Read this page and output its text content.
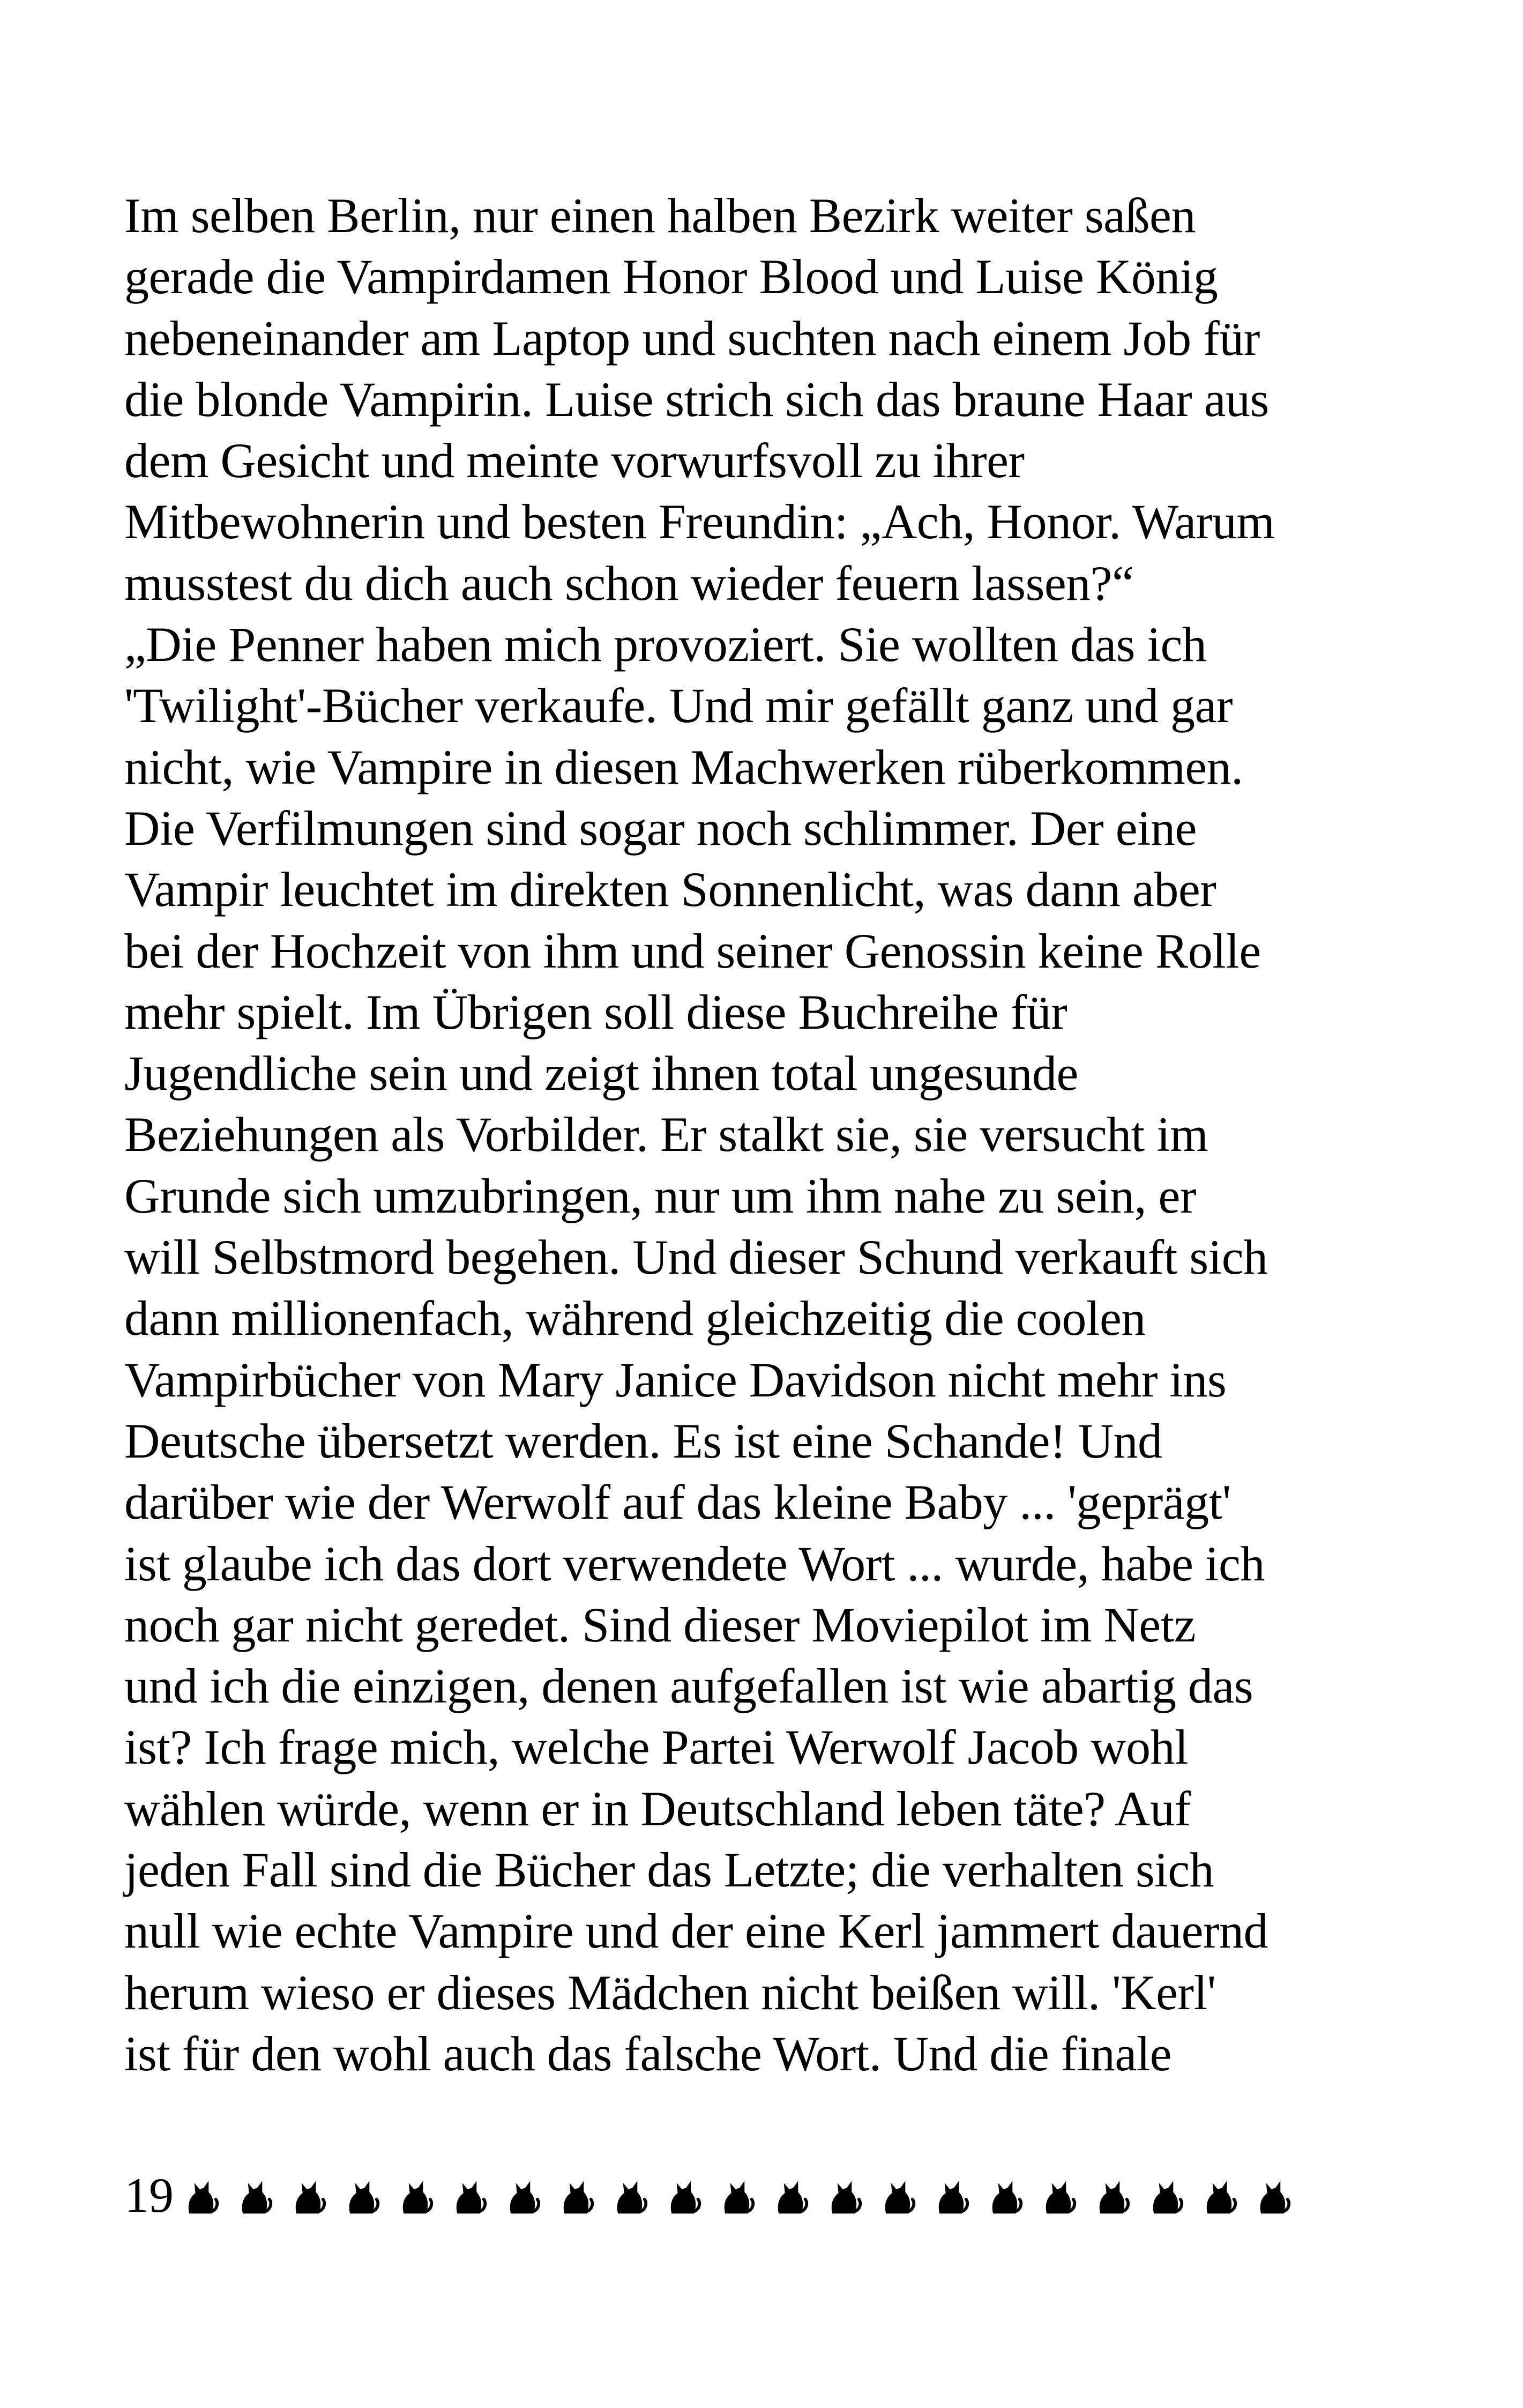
Im selben Berlin, nur einen halben Bezirk weiter saßen
gerade die Vampirdamen Honor Blood und Luise König
nebeneinander am Laptop und suchten nach einem Job für
die blonde Vampirin. Luise strich sich das braune Haar aus
dem Gesicht und meinte vorwurfsvoll zu ihrer
Mitbewohnerin und besten Freundin: „Ach, Honor. Warum
musstest du dich auch schon wieder feuern lassen?“
„Die Penner haben mich provoziert. Sie wollten das ich
'Twilight'-Bücher verkaufe. Und mir gefällt ganz und gar
nicht, wie Vampire in diesen Machwerken rüberkommen.
Die Verfilmungen sind sogar noch schlimmer. Der eine
Vampir leuchtet im direkten Sonnenlicht, was dann aber
bei der Hochzeit von ihm und seiner Genossin keine Rolle
mehr spielt. Im Übrigen soll diese Buchreihe für
Jugendliche sein und zeigt ihnen total ungesunde
Beziehungen als Vorbilder. Er stalkt sie, sie versucht im
Grunde sich umzubringen, nur um ihm nahe zu sein, er
will Selbstmord begehen. Und dieser Schund verkauft sich
dann millionenfach, während gleichzeitig die coolen
Vampirbücher von Mary Janice Davidson nicht mehr ins
Deutsche übersetzt werden. Es ist eine Schande! Und
darüber wie der Werwolf auf das kleine Baby ... 'geprägt'
ist glaube ich das dort verwendete Wort ... wurde, habe ich
noch gar nicht geredet. Sind dieser Moviepilot im Netz
und ich die einzigen, denen aufgefallen ist wie abartig das
ist? Ich frage mich, welche Partei Werwolf Jacob wohl
wählen würde, wenn er in Deutschland leben täte? Auf
jeden Fall sind die Bücher das Letzte; die verhalten sich
null wie echte Vampire und der eine Kerl jammert dauernd
herum wieso er dieses Mädchen nicht beißen will. 'Kerl'
ist für den wohl auch das falsche Wort. Und die finale
19
